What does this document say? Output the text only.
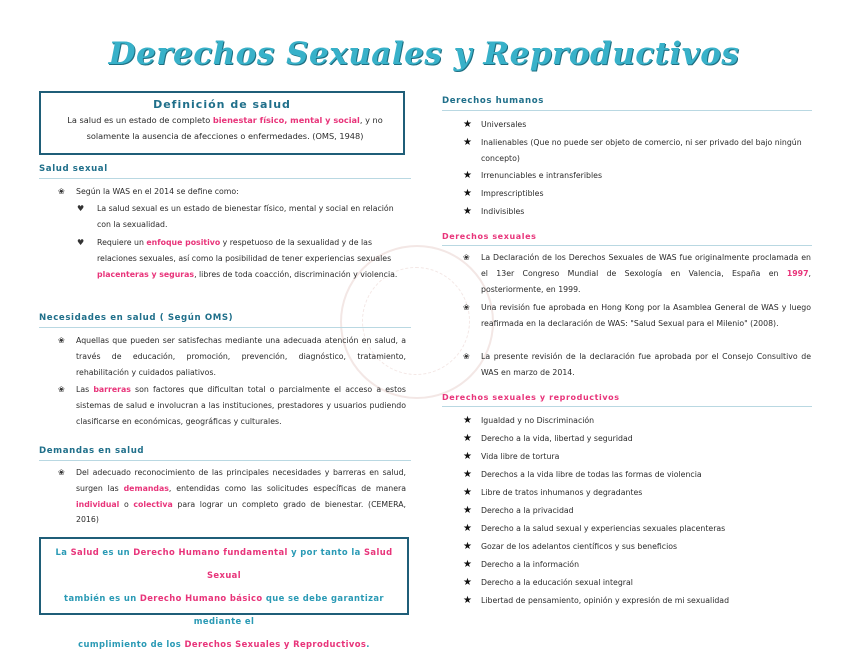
Derechos Sexuales y Reproductivos
Definición de salud
La salud es un estado de completo bienestar físico, mental y social, y no solamente la ausencia de afecciones o enfermedades. (OMS, 1948)
Salud sexual
❀ Según la WAS en el 2014 se define como:
♥ La salud sexual es un estado de bienestar físico, mental y social en relación con la sexualidad.
♥ Requiere un enfoque positivo y respetuoso de la sexualidad y de las relaciones sexuales, así como la posibilidad de tener experiencias sexuales placenteras y seguras, libres de toda coacción, discriminación y violencia.
Necesidades en salud ( Según OMS)
❀ Aquellas que pueden ser satisfechas mediante una adecuada atención en salud, a través de educación, promoción, prevención, diagnóstico, tratamiento, rehabilitación y cuidados paliativos.
❀ Las barreras son factores que dificultan total o parcialmente el acceso a estos sistemas de salud e involucran a las instituciones, prestadores y usuarios pudiendo clasificarse en económicas, geográficas y culturales.
Demandas en salud
❀ Del adecuado reconocimiento de las principales necesidades y barreras en salud, surgen las demandas, entendidas como las solicitudes específicas de manera individual o colectiva para lograr un completo grado de bienestar. (CEMERA, 2016)
La Salud es un Derecho Humano fundamental y por tanto la Salud Sexual
también es un Derecho Humano básico que se debe garantizar mediante el
cumplimiento de los Derechos Sexuales y Reproductivos.
Derechos humanos
★ Universales
★ Inalienables (Que no puede ser objeto de comercio, ni ser privado del bajo ningún concepto)
★ Irrenunciables e intransferibles
★ Imprescriptibles
★ Indivisibles
Derechos sexuales
❀ La Declaración de los Derechos Sexuales de WAS fue originalmente proclamada en el 13er Congreso Mundial de Sexología en Valencia, España en 1997, posteriormente, en 1999.
❀ Una revisión fue aprobada en Hong Kong por la Asamblea General de WAS y luego reafirmada en la declaración de WAS: "Salud Sexual para el Milenio" (2008).
❀ La presente revisión de la declaración fue aprobada por el Consejo Consultivo de WAS en marzo de 2014.
Derechos sexuales y reproductivos
★ Igualdad y no Discriminación
★ Derecho a la vida, libertad y seguridad
★ Vida libre de tortura
★ Derechos a la vida libre de todas las formas de violencia
★ Libre de tratos inhumanos y degradantes
★ Derecho a la privacidad
★ Derecho a la salud sexual y experiencias sexuales placenteras
★ Gozar de los adelantos científicos y sus beneficios
★ Derecho a la información
★ Derecho a la educación sexual integral
★ Libertad de pensamiento, opinión y expresión de mi sexualidad
